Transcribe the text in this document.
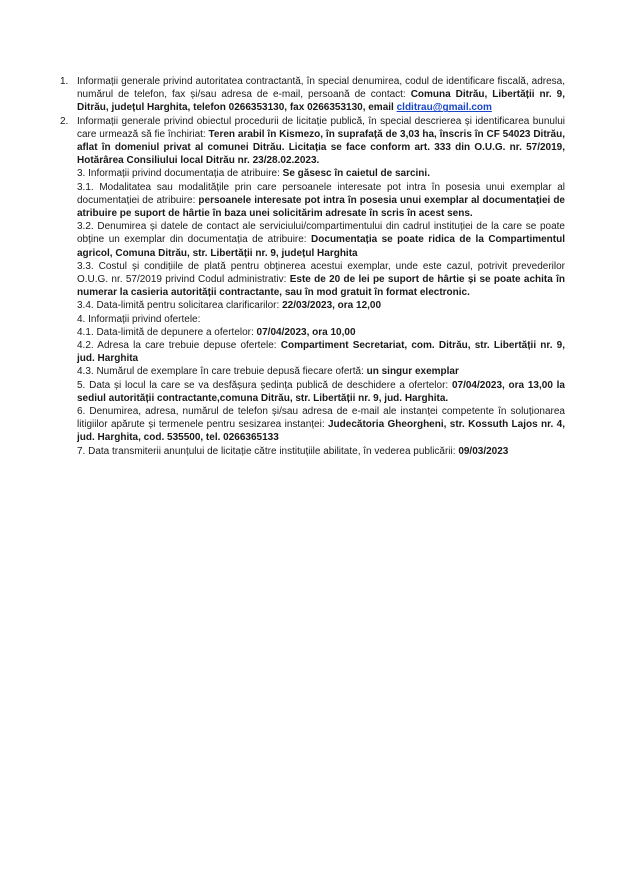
1. Informații generale privind autoritatea contractantă, în special denumirea, codul de identificare fiscală, adresa, numărul de telefon, fax și/sau adresa de e-mail, persoană de contact: Comuna Ditrău, Libertății nr. 9, Ditrău, județul Harghita, telefon 0266353130, fax 0266353130, email clditrau@gmail.com

2. Informații generale privind obiectul procedurii de licitație publică, în special descrierea și identificarea bunului care urmează să fie închiriat: Teren arabil în Kismezo, în suprafață de 3,03 ha, înscris în CF 54023 Ditrău, aflat în domeniul privat al comunei Ditrău. Licitația se face conform art. 333 din O.U.G. nr. 57/2019, Hotărârea Consiliului local Ditrău nr. 23/28.02.2023.

3. Informații privind documentația de atribuire: Se găsesc în caietul de sarcini.

3.1. Modalitatea sau modalitățile prin care persoanele interesate pot intra în posesia unui exemplar al documentației de atribuire: persoanele interesate pot intra în posesia unui exemplar al documentației de atribuire pe suport de hârtie în baza unei solicitărim adresate în scris în acest sens.

3.2. Denumirea și datele de contact ale serviciului/compartimentului din cadrul instituției de la care se poate obține un exemplar din documentația de atribuire: Documentația se poate ridica de la Compartimentul agricol, Comuna Ditrău, str. Libertății nr. 9, județul Harghita

3.3. Costul și condițiile de plată pentru obținerea acestui exemplar, unde este cazul, potrivit prevederilor O.U.G. nr. 57/2019 privind Codul administrativ: Este de 20 de lei pe suport de hârtie și se poate achita în numerar la casieria autorității contractante, sau în mod gratuit în format electronic.

3.4. Data-limită pentru solicitarea clarificarilor: 22/03/2023, ora 12,00

4. Informații privind ofertele:

4.1. Data-limită de depunere a ofertelor: 07/04/2023, ora 10,00

4.2. Adresa la care trebuie depuse ofertele: Compartiment Secretariat, com. Ditrău, str. Libertății nr. 9, jud. Harghita

4.3. Numărul de exemplare în care trebuie depusă fiecare ofertă: un singur exemplar

5. Data și locul la care se va desfășura ședința publică de deschidere a ofertelor: 07/04/2023, ora 13,00 la sediul autorității contractante,comuna Ditrău, str. Libertății nr. 9, jud. Harghita.

6. Denumirea, adresa, numărul de telefon și/sau adresa de e-mail ale instanței competente în soluționarea litigiilor apărute și termenele pentru sesizarea instanței: Judecătoria Gheorgheni, str. Kossuth Lajos nr. 4, jud. Harghita, cod. 535500, tel. 0266365133

7. Data transmiterii anunțului de licitație către instituțiile abilitate, în vederea publicării: 09/03/2023
